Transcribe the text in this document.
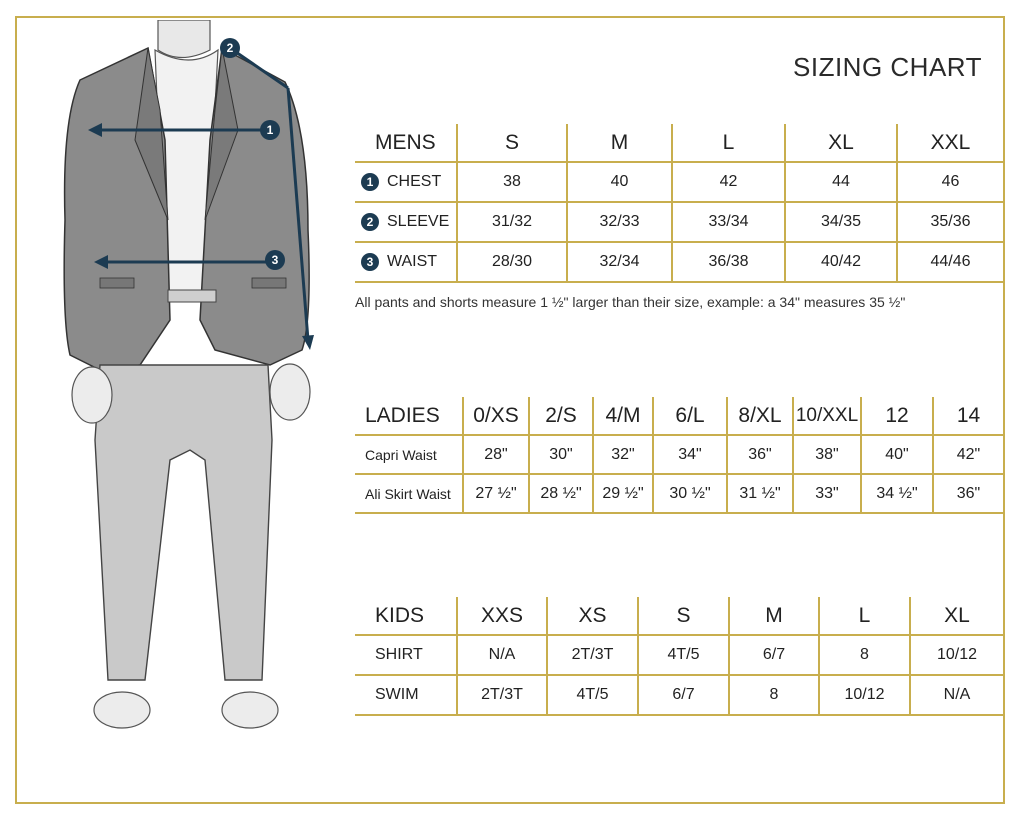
SIZING CHART
1
2
3
MENS	S	M	L	XL	XXL
1 CHEST	38	40	42	44	46
2 SLEEVE	31/32	32/33	33/34	34/35	35/36
3 WAIST	28/30	32/34	36/38	40/42	44/46
All pants and shorts measure 1 ½" larger than their size, example: a 34" measures 35 ½"
LADIES	0/XS	2/S	4/M	6/L	8/XL	10/XXL	12	14
Capri Waist	28"	30"	32"	34"	36"	38"	40"	42"
Ali Skirt Waist	27 ½"	28 ½"	29 ½"	30 ½"	31 ½"	33"	34 ½"	36"
KIDS	XXS	XS	S	M	L	XL
SHIRT	N/A	2T/3T	4T/5	6/7	8	10/12
SWIM	2T/3T	4T/5	6/7	8	10/12	N/A
